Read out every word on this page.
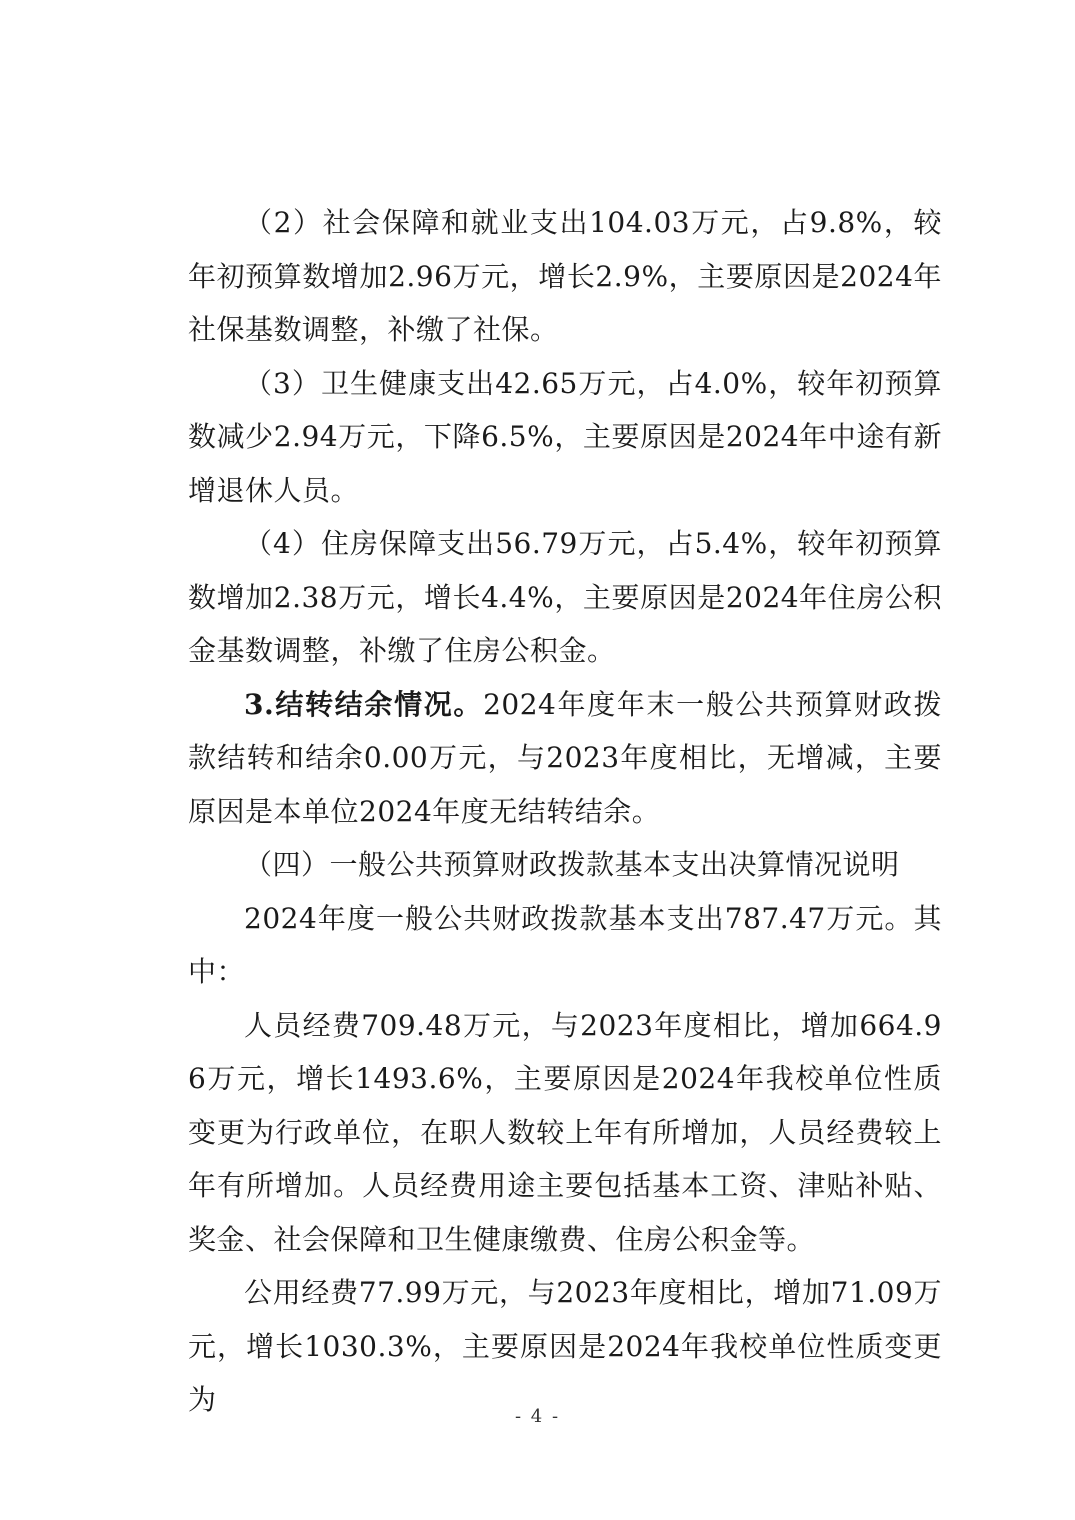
（2）社会保障和就业支出104.03万元，占9.8%，较年初预算数增加2.96万元，增长2.9%，主要原因是2024年社保基数调整，补缴了社保。

（3）卫生健康支出42.65万元，占4.0%，较年初预算数减少2.94万元，下降6.5%，主要原因是2024年中途有新增退休人员。

（4）住房保障支出56.79万元，占5.4%，较年初预算数增加2.38万元，增长4.4%，主要原因是2024年住房公积金基数调整，补缴了住房公积金。

3.结转结余情况。2024年度年末一般公共预算财政拨款结转和结余0.00万元，与2023年度相比，无增减，主要原因是本单位2024年度无结转结余。

（四）一般公共预算财政拨款基本支出决算情况说明

2024年度一般公共财政拨款基本支出787.47万元。其中：

人员经费709.48万元，与2023年度相比，增加664.96万元，增长1493.6%，主要原因是2024年我校单位性质变更为行政单位，在职人数较上年有所增加，人员经费较上年有所增加。人员经费用途主要包括基本工资、津贴补贴、奖金、社会保障和卫生健康缴费、住房公积金等。

公用经费77.99万元，与2023年度相比，增加71.09万元，增长1030.3%，主要原因是2024年我校单位性质变更为

- 4 -
